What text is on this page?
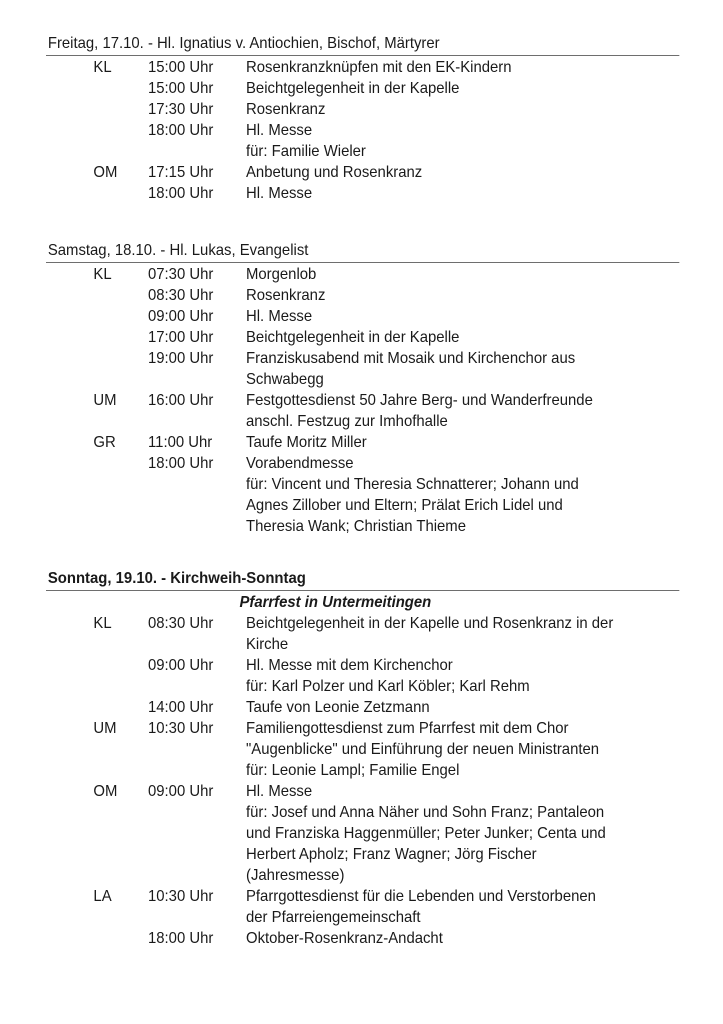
Freitag, 17.10. - Hl. Ignatius v. Antiochien, Bischof, Märtyrer
KL	15:00 Uhr	Rosenkranzknüpfen mit den EK-Kindern
15:00 Uhr	Beichtgelegenheit in der Kapelle
17:30 Uhr	Rosenkranz
18:00 Uhr	Hl. Messe
für: Familie Wieler
OM	17:15 Uhr	Anbetung und Rosenkranz
18:00 Uhr	Hl. Messe
Samstag, 18.10. - Hl. Lukas, Evangelist
KL	07:30 Uhr	Morgenlob
08:30 Uhr	Rosenkranz
09:00 Uhr	Hl. Messe
17:00 Uhr	Beichtgelegenheit in der Kapelle
19:00 Uhr	Franziskusabend mit Mosaik und Kirchenchor aus
Schwabegg
UM	16:00 Uhr	Festgottesdienst 50 Jahre Berg- und Wanderfreunde
anschl. Festzug zur Imhofhalle
GR	11:00 Uhr	Taufe Moritz Miller
18:00 Uhr	Vorabendmesse
für: Vincent und Theresia Schnatterer; Johann und
Agnes Zillober und Eltern; Prälat Erich Lidel und
Theresia Wank; Christian Thieme
Sonntag, 19.10. - Kirchweih-Sonntag
Pfarrfest in Untermeitingen
KL	08:30 Uhr	Beichtgelegenheit in der Kapelle und Rosenkranz in der
Kirche
09:00 Uhr	Hl. Messe mit dem Kirchenchor
für: Karl Polzer und Karl Köbler; Karl Rehm
14:00 Uhr	Taufe von Leonie Zetzmann
UM	10:30 Uhr	Familiengottesdienst zum Pfarrfest mit dem Chor
"Augenblicke" und Einführung der neuen Ministranten
für: Leonie Lampl; Familie Engel
OM	09:00 Uhr	Hl. Messe
für: Josef und Anna Näher und Sohn Franz; Pantaleon
und Franziska Haggenmüller; Peter Junker; Centa und
Herbert Apholz; Franz Wagner; Jörg Fischer
(Jahresmesse)
LA	10:30 Uhr	Pfarrgottesdienst für die Lebenden und Verstorbenen
der Pfarreiengemeinschaft
18:00 Uhr	Oktober-Rosenkranz-Andacht
